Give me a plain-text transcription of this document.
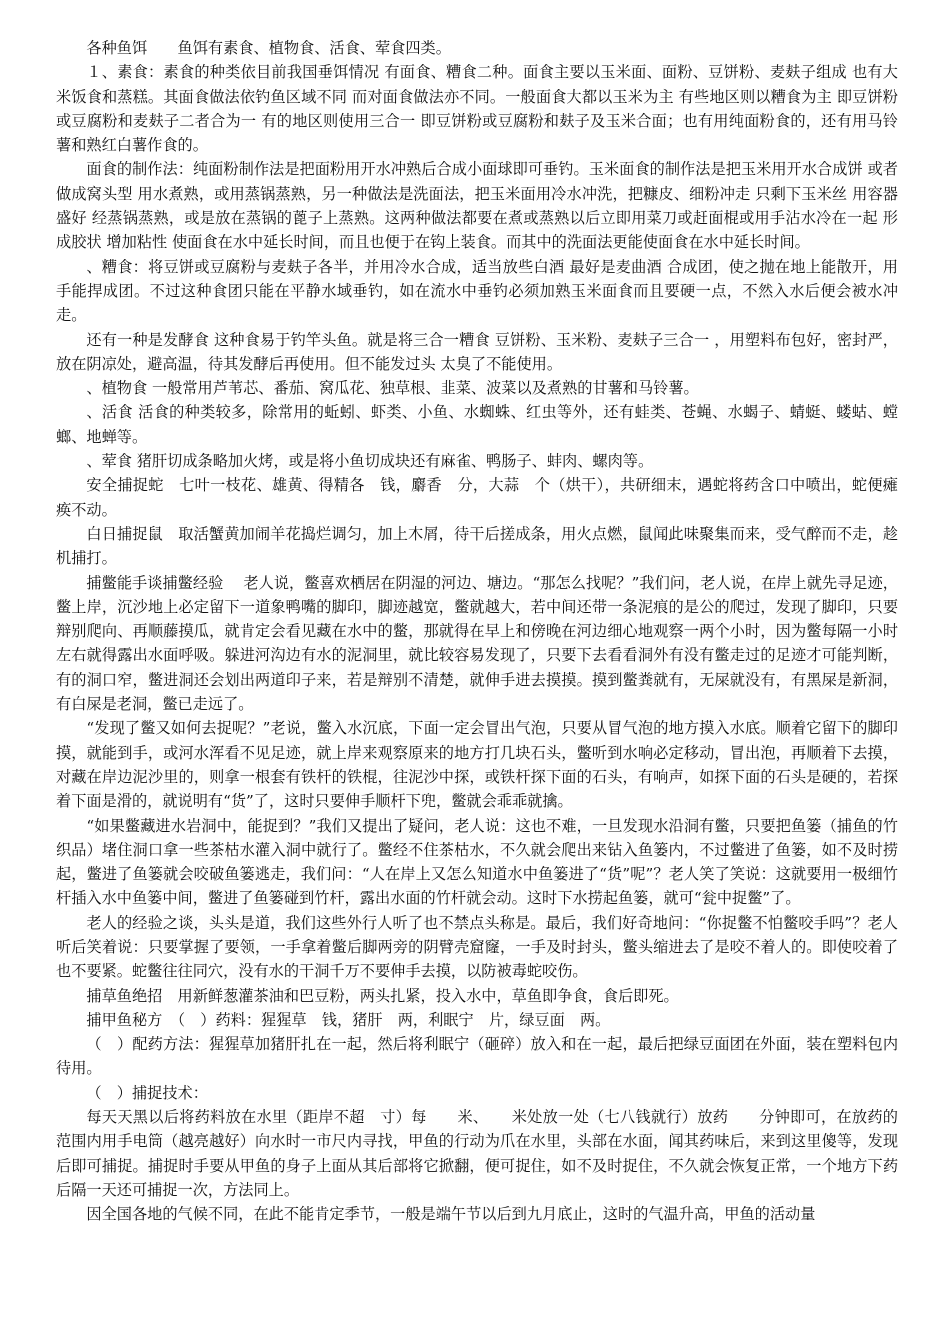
各种鱼饵　　鱼饵有素食、植物食、活食、荤食四类。

１、素食：素食的种类依目前我国垂饵情况 有面食、糟食二种。面食主要以玉米面、面粉、豆饼粉、麦麸子组成 也有大米饭食和蒸糕。其面食做法依钓鱼区域不同 而对面食做法亦不同。一般面食大都以玉米为主 有些地区则以糟食为主 即豆饼粉或豆腐粉和麦麸子二者合为一 有的地区则使用三合一 即豆饼粉或豆腐粉和麸子及玉米合面；也有用纯面粉食的，还有用马铃薯和熟红白薯作食的。

面食的制作法：纯面粉制作法是把面粉用开水冲熟后合成小面球即可垂钓。玉米面食的制作法是把玉米用开水合成饼 或者做成窝头型 用水煮熟，或用蒸锅蒸熟，另一种做法是洗面法，把玉米面用冷水冲洗，把糠皮、细粉冲走 只剩下玉米丝 用容器盛好 经蒸锅蒸熟，或是放在蒸锅的蓖子上蒸熟。这两种做法都要在煮或蒸熟以后立即用菜刀或赶面棍或用手沾水冷在一起 形成胶状 增加粘性 使面食在水中延长时间，而且也便于在钩上装食。而其中的洗面法更能使面食在水中延长时间。

、糟食：将豆饼或豆腐粉与麦麸子各半，并用冷水合成，适当放些白酒 最好是麦曲酒 合成团，使之抛在地上能散开，用手能捍成团。不过这种食团只能在平静水域垂钓，如在流水中垂钓必须加熟玉米面食而且要硬一点，不然入水后便会被水冲走。

还有一种是发酵食 这种食易于钓竿头鱼。就是将三合一糟食 豆饼粉、玉米粉、麦麸子三合一 ，用塑料布包好，密封严，放在阴凉处，避高温，待其发酵后再使用。但不能发过头 太臭了不能使用。

、植物食 一般常用芦苇芯、番茄、窝瓜花、独草根、韭菜、波菜以及煮熟的甘薯和马铃薯。

、活食 活食的种类较多，除常用的蚯蚓、虾类、小鱼、水蜘蛛、红虫等外，还有蛙类、苍蝇、水蝎子、蜻蜓、蝼蛄、螳螂、地蝉等。

、荤食 猪肝切成条略加火烤，或是将小鱼切成块还有麻雀、鸭肠子、蚌肉、螺肉等。

安全捕捉蛇　七叶一枝花、雄黄、得精各　钱，麝香　分，大蒜　个（烘干），共研细末，遇蛇将药含口中喷出，蛇便瘫痪不动。

白日捕捉鼠　取活蟹黄加闹羊花捣烂调匀，加上木屑，待干后搓成条，用火点燃，鼠闻此味聚集而来，受气醉而不走，趁机捕打。

捕鳖能手谈捕鳖经验　 老人说，鳖喜欢栖居在阴湿的河边、塘边。“那怎么找呢？”我们问，老人说，在岸上就先寻足迹，鳖上岸，沉沙地上必定留下一道象鸭嘴的脚印，脚迹越宽，鳖就越大，若中间还带一条泥痕的是公的爬过，发现了脚印，只要辩别爬向、再顺藤摸瓜，就肯定会看见藏在水中的鳖，那就得在早上和傍晚在河边细心地观察一两个小时，因为鳖每隔一小时左右就得露出水面呼吸。躲进河沟边有水的泥洞里，就比较容易发现了，只要下去看看洞外有没有鳖走过的足迹才可能判断，有的洞口窄，鳖进洞还会划出两道印子来，若是辩别不清楚，就伸手进去摸摸。摸到鳖粪就有，无屎就没有，有黑屎是新洞，有白屎是老洞，鳖已走远了。

“发现了鳖又如何去捉呢？”老说，鳖入水沉底，下面一定会冒出气泡，只要从冒气泡的地方摸入水底。顺着它留下的脚印摸，就能到手，或河水浑看不见足迹，就上岸来观察原来的地方打几块石头，鳖听到水响必定移动，冒出泡，再顺着下去摸，对藏在岸边泥沙里的，则拿一根套有铁杆的铁棍，往泥沙中探，或铁杆探下面的石头，有响声，如探下面的石头是硬的，若探着下面是滑的，就说明有“货”了，这时只要伸手顺杆下兜，鳖就会乖乖就擒。

“如果鳖藏进水岩洞中，能捉到？”我们又提出了疑问，老人说：这也不难，一旦发现水沿洞有鳖，只要把鱼篓（捕鱼的竹织品）堵住洞口拿一些茶枯水灌入洞中就行了。鳖经不住茶枯水，不久就会爬出来钻入鱼篓内，不过鳖进了鱼篓，如不及时捞起，鳖进了鱼篓就会咬破鱼篓逃走，我们问：“人在岸上又怎么知道水中鱼篓进了“货”呢”？老人笑了笑说：这就要用一极细竹杆插入水中鱼篓中间，鳖进了鱼篓碰到竹杆，露出水面的竹杆就会动。这时下水捞起鱼篓，就可“瓮中捉鳖”了。

老人的经验之谈，头头是道，我们这些外行人听了也不禁点头称是。最后，我们好奇地问：“你捉鳖不怕鳖咬手吗”？老人听后笑着说：只要掌握了要领，一手拿着鳖后脚两旁的阴臂壳窟窿，一手及时封头，鳖头缩进去了是咬不着人的。即使咬着了也不要紧。蛇鳖往往同穴，没有水的干洞千万不要伸手去摸，以防被毒蛇咬伤。

捕草鱼绝招　用新鲜葱灌茶油和巴豆粉，两头扎紧，投入水中，草鱼即争食，食后即死。

捕甲鱼秘方　（　）药料：猩猩草　钱，猪肝　两，利眠宁　片，绿豆面　两。

（　）配药方法：猩猩草加猪肝扎在一起，然后将利眠宁（砸碎）放入和在一起，最后把绿豆面团在外面，装在塑料包内待用。

（　）捕捉技术：

每天天黑以后将药料放在水里（距岸不超　寸）每　　米、　　米处放一处（七八钱就行）放药　　分钟即可，在放药的范围内用手电筒（越亮越好）向水时一市尺内寻找，甲鱼的行动为爪在水里，头部在水面，闻其药味后，来到这里傻等，发现后即可捕捉。捕捉时手要从甲鱼的身子上面从其后部将它掀翻，便可捉住，如不及时捉住，不久就会恢复正常，一个地方下药后隔一天还可捕捉一次，方法同上。

因全国各地的气候不同，在此不能肯定季节，一般是端午节以后到九月底止，这时的气温升高，甲鱼的活动量
